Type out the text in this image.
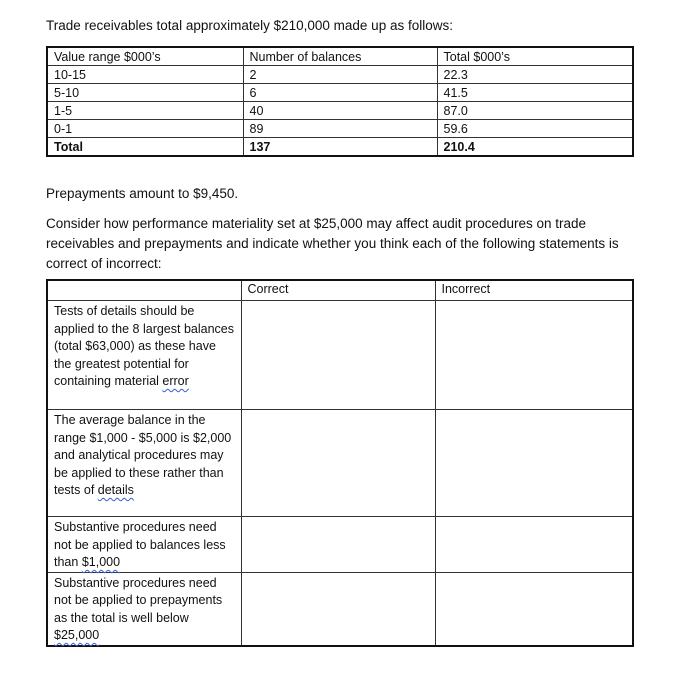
Trade receivables total approximately $210,000 made up as follows:

Value range $000’s	Number of balances	Total $000’s
10-15	2	22.3
5-10	6	41.5
1-5	40	87.0
0-1	89	59.6
Total	137	210.4

Prepayments amount to $9,450.

Consider how performance materiality set at $25,000 may affect audit procedures on trade receivables and prepayments and indicate whether you think each of the following statements is correct of incorrect:

	Correct	Incorrect
Tests of details should be applied to the 8 largest balances (total $63,000) as these have the greatest potential for containing material error		
The average balance in the range $1,000 - $5,000 is $2,000 and analytical procedures may be applied to these rather than tests of details		
Substantive procedures need not be applied to balances less than $1,000		
Substantive procedures need not be applied to prepayments as the total is well below $25,000		
